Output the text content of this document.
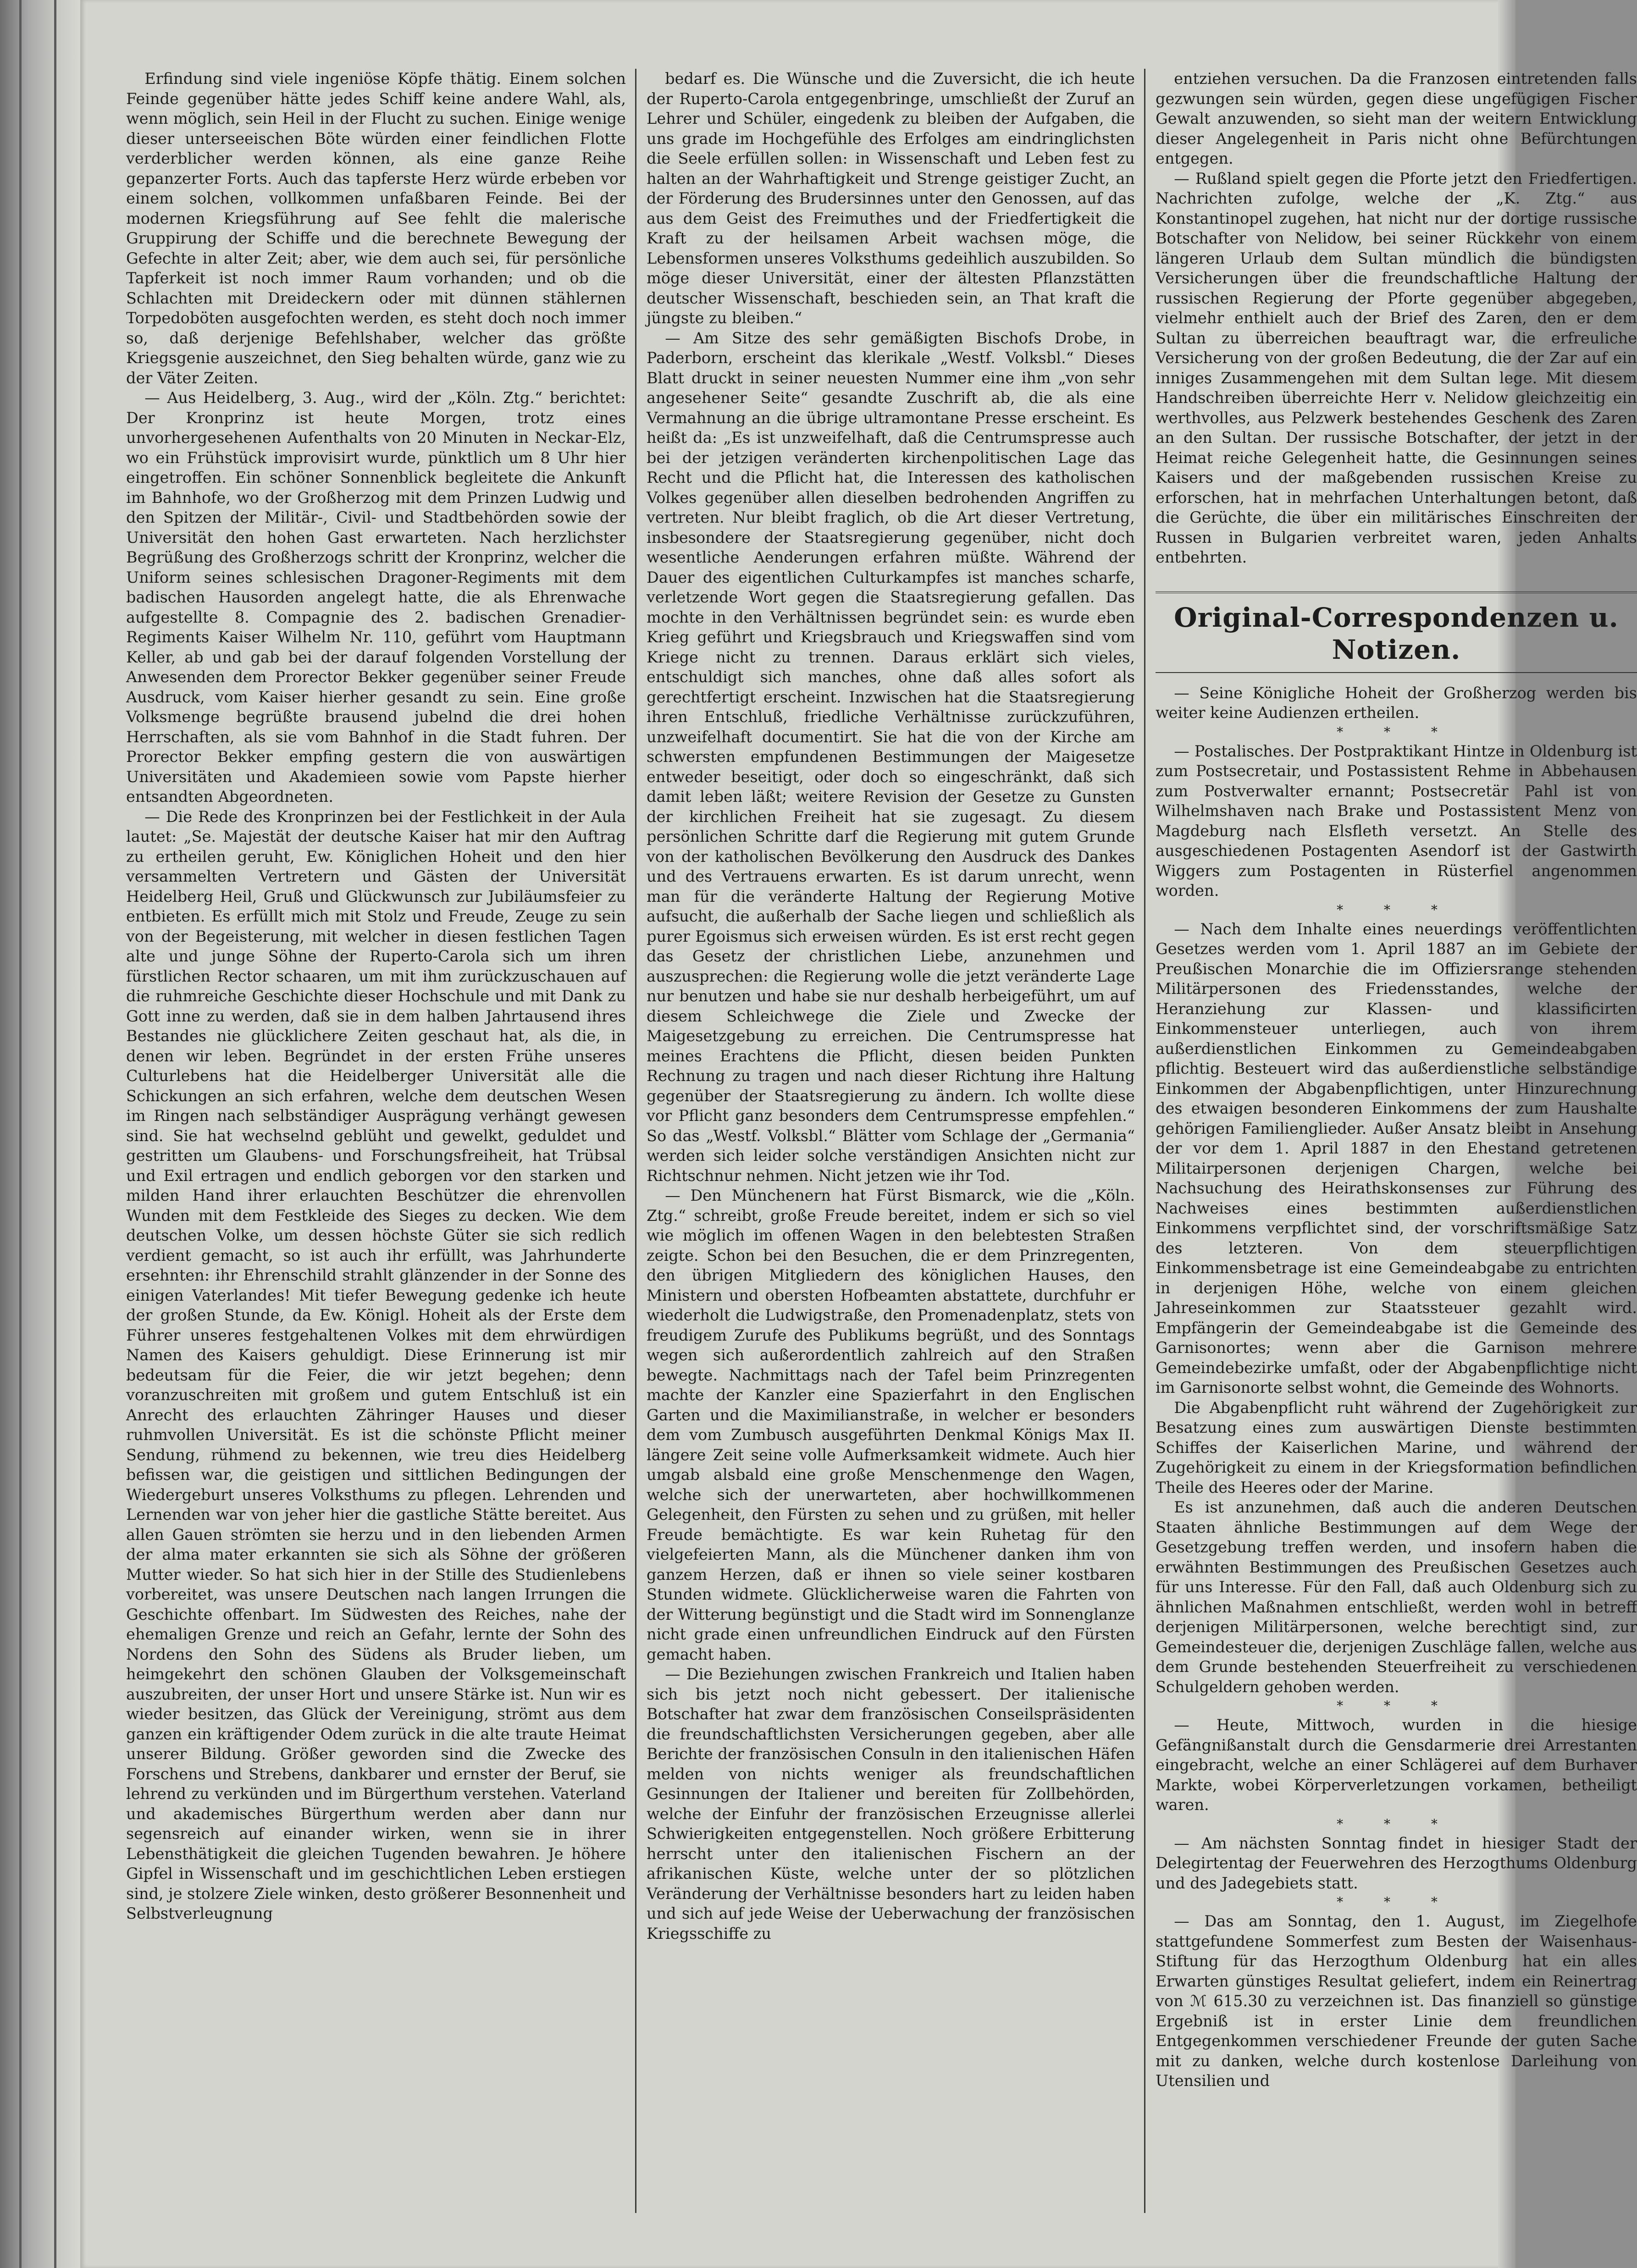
Erfindung sind viele ingeniöse Köpfe thätig. Einem solchen Feinde gegenüber hätte jedes Schiff keine andere Wahl, als, wenn möglich, sein Heil in der Flucht zu suchen. Einige wenige dieser unterseeischen Böte würden einer feindlichen Flotte verderblicher werden können, als eine ganze Reihe gepanzerter Forts. Auch das tapferste Herz würde erbeben vor einem solchen, vollkommen unfaßbaren Feinde. Bei der modernen Kriegsführung auf See fehlt die malerische Gruppirung der Schiffe und die berechnete Bewegung der Gefechte in alter Zeit; aber, wie dem auch sei, für persönliche Tapferkeit ist noch immer Raum vorhanden; und ob die Schlachten mit Dreideckern oder mit dünnen stählernen Torpedoböten ausgefochten werden, es steht doch noch immer so, daß derjenige Befehlshaber, welcher das größte Kriegsgenie auszeichnet, den Sieg behalten würde, ganz wie zu der Väter Zeiten.

— Aus Heidelberg, 3. Aug., wird der „Köln. Ztg.“ berichtet: Der Kronprinz ist heute Morgen, trotz eines unvorhergesehenen Aufenthalts von 20 Minuten in Neckar-Elz, wo ein Frühstück improvisirt wurde, pünktlich um 8 Uhr hier eingetroffen. Ein schöner Sonnenblick begleitete die Ankunft im Bahnhofe, wo der Großherzog mit dem Prinzen Ludwig und den Spitzen der Militär-, Civil- und Stadtbehörden sowie der Universität den hohen Gast erwarteten. Nach herzlichster Begrüßung des Großherzogs schritt der Kronprinz, welcher die Uniform seines schlesischen Dragoner-Regiments mit dem badischen Hausorden angelegt hatte, die als Ehrenwache aufgestellte 8. Compagnie des 2. badischen Grenadier-Regiments Kaiser Wilhelm Nr. 110, geführt vom Hauptmann Keller, ab und gab bei der darauf folgenden Vorstellung der Anwesenden dem Prorector Bekker gegenüber seiner Freude Ausdruck, vom Kaiser hierher gesandt zu sein. Eine große Volksmenge begrüßte brausend jubelnd die drei hohen Herrschaften, als sie vom Bahnhof in die Stadt fuhren. Der Prorector Bekker empfing gestern die von auswärtigen Universitäten und Akademieen sowie vom Papste hierher entsandten Abgeordneten.

— Die Rede des Kronprinzen bei der Festlichkeit in der Aula lautet: „Se. Majestät der deutsche Kaiser hat mir den Auftrag zu ertheilen geruht, Ew. Königlichen Hoheit und den hier versammelten Vertretern und Gästen der Universität Heidelberg Heil, Gruß und Glückwunsch zur Jubiläumsfeier zu entbieten. Es erfüllt mich mit Stolz und Freude, Zeuge zu sein von der Begeisterung, mit welcher in diesen festlichen Tagen alte und junge Söhne der Ruperto-Carola sich um ihren fürstlichen Rector schaaren, um mit ihm zurückzuschauen auf die ruhmreiche Geschichte dieser Hochschule und mit Dank zu Gott inne zu werden, daß sie in dem halben Jahrtausend ihres Bestandes nie glücklichere Zeiten geschaut hat, als die, in denen wir leben. Begründet in der ersten Frühe unseres Culturlebens hat die Heidelberger Universität alle die Schickungen an sich erfahren, welche dem deutschen Wesen im Ringen nach selbständiger Ausprägung verhängt gewesen sind. Sie hat wechselnd geblüht und gewelkt, geduldet und gestritten um Glaubens- und Forschungsfreiheit, hat Trübsal und Exil ertragen und endlich geborgen vor den starken und milden Hand ihrer erlauchten Beschützer die ehrenvollen Wunden mit dem Festkleide des Sieges zu decken. Wie dem deutschen Volke, um dessen höchste Güter sie sich redlich verdient gemacht, so ist auch ihr erfüllt, was Jahrhunderte ersehnten: ihr Ehrenschild strahlt glänzender in der Sonne des einigen Vaterlandes! Mit tiefer Bewegung gedenke ich heute der großen Stunde, da Ew. Königl. Hoheit als der Erste dem Führer unseres festgehaltenen Volkes mit dem ehrwürdigen Namen des Kaisers gehuldigt. Diese Erinnerung ist mir bedeutsam für die Feier, die wir jetzt begehen; denn voranzuschreiten mit großem und gutem Entschluß ist ein Anrecht des erlauchten Zähringer Hauses und dieser ruhmvollen Universität. Es ist die schönste Pflicht meiner Sendung, rühmend zu bekennen, wie treu dies Heidelberg befissen war, die geistigen und sittlichen Bedingungen der Wiedergeburt unseres Volksthums zu pflegen. Lehrenden und Lernenden war von jeher hier die gastliche Stätte bereitet. Aus allen Gauen strömten sie herzu und in den liebenden Armen der alma mater erkannten sie sich als Söhne der größeren Mutter wieder. So hat sich hier in der Stille des Studienlebens vorbereitet, was unsere Deutschen nach langen Irrungen die Geschichte offenbart. Im Südwesten des Reiches, nahe der ehemaligen Grenze und reich an Gefahr, lernte der Sohn des Nordens den Sohn des Südens als Bruder lieben, um heimgekehrt den schönen Glauben der Volksgemeinschaft auszubreiten, der unser Hort und unsere Stärke ist. Nun wir es wieder besitzen, das Glück der Vereinigung, strömt aus dem ganzen ein kräftigender Odem zurück in die alte traute Heimat unserer Bildung. Größer geworden sind die Zwecke des Forschens und Strebens, dankbarer und ernster der Beruf, sie lehrend zu verkünden und im Bürgerthum verstehen. Vaterland und akademisches Bürgerthum werden aber dann nur segensreich auf einander wirken, wenn sie in ihrer Lebensthätigkeit die gleichen Tugenden bewahren. Je höhere Gipfel in Wissenschaft und im geschichtlichen Leben erstiegen sind, je stolzere Ziele winken, desto größerer Besonnenheit und Selbstverleugnung

bedarf es. Die Wünsche und die Zuversicht, die ich heute der Ruperto-Carola entgegenbringe, umschließt der Zuruf an Lehrer und Schüler, eingedenk zu bleiben der Aufgaben, die uns grade im Hochgefühle des Erfolges am eindringlichsten die Seele erfüllen sollen: in Wissenschaft und Leben fest zu halten an der Wahrhaftigkeit und Strenge geistiger Zucht, an der Förderung des Brudersinnes unter den Genossen, auf das aus dem Geist des Freimuthes und der Friedfertigkeit die Kraft zu der heilsamen Arbeit wachsen möge, die Lebensformen unseres Volksthums gedeihlich auszubilden. So möge dieser Universität, einer der ältesten Pflanzstätten deutscher Wissenschaft, beschieden sein, an That kraft die jüngste zu bleiben.“

— Am Sitze des sehr gemäßigten Bischofs Drobe, in Paderborn, erscheint das klerikale „Westf. Volksbl.“ Dieses Blatt druckt in seiner neuesten Nummer eine ihm „von sehr angesehener Seite“ gesandte Zuschrift ab, die als eine Vermahnung an die übrige ultramontane Presse erscheint. Es heißt da: „Es ist unzweifelhaft, daß die Centrumspresse auch bei der jetzigen veränderten kirchenpolitischen Lage das Recht und die Pflicht hat, die Interessen des katholischen Volkes gegenüber allen dieselben bedrohenden Angriffen zu vertreten. Nur bleibt fraglich, ob die Art dieser Vertretung, insbesondere der Staatsregierung gegenüber, nicht doch wesentliche Aenderungen erfahren müßte. Während der Dauer des eigentlichen Culturkampfes ist manches scharfe, verletzende Wort gegen die Staatsregierung gefallen. Das mochte in den Verhältnissen begründet sein: es wurde eben Krieg geführt und Kriegsbrauch und Kriegswaffen sind vom Kriege nicht zu trennen. Daraus erklärt sich vieles, entschuldigt sich manches, ohne daß alles sofort als gerechtfertigt erscheint. Inzwischen hat die Staatsregierung ihren Entschluß, friedliche Verhältnisse zurückzuführen, unzweifelhaft documentirt. Sie hat die von der Kirche am schwersten empfundenen Bestimmungen der Maigesetze entweder beseitigt, oder doch so eingeschränkt, daß sich damit leben läßt; weitere Revision der Gesetze zu Gunsten der kirchlichen Freiheit hat sie zugesagt. Zu diesem persönlichen Schritte darf die Regierung mit gutem Grunde von der katholischen Bevölkerung den Ausdruck des Dankes und des Vertrauens erwarten. Es ist darum unrecht, wenn man für die veränderte Haltung der Regierung Motive aufsucht, die außerhalb der Sache liegen und schließlich als purer Egoismus sich erweisen würden. Es ist erst recht gegen das Gesetz der christlichen Liebe, anzunehmen und auszusprechen: die Regierung wolle die jetzt veränderte Lage nur benutzen und habe sie nur deshalb herbeigeführt, um auf diesem Schleichwege die Ziele und Zwecke der Maigesetzgebung zu erreichen. Die Centrumspresse hat meines Erachtens die Pflicht, diesen beiden Punkten Rechnung zu tragen und nach dieser Richtung ihre Haltung gegenüber der Staatsregierung zu ändern. Ich wollte diese vor Pflicht ganz besonders dem Centrumspresse empfehlen.“ So das „Westf. Volksbl.“ Blätter vom Schlage der „Germania“ werden sich leider solche verständigen Ansichten nicht zur Richtschnur nehmen. Nicht jetzen wie ihr Tod.

— Den Münchenern hat Fürst Bismarck, wie die „Köln. Ztg.“ schreibt, große Freude bereitet, indem er sich so viel wie möglich im offenen Wagen in den belebtesten Straßen zeigte. Schon bei den Besuchen, die er dem Prinzregenten, den übrigen Mitgliedern des königlichen Hauses, den Ministern und obersten Hofbeamten abstattete, durchfuhr er wiederholt die Ludwigstraße, den Promenadenplatz, stets von freudigem Zurufe des Publikums begrüßt, und des Sonntags wegen sich außerordentlich zahlreich auf den Straßen bewegte. Nachmittags nach der Tafel beim Prinzregenten machte der Kanzler eine Spazierfahrt in den Englischen Garten und die Maximilianstraße, in welcher er besonders dem vom Zumbusch ausgeführten Denkmal Königs Max II. längere Zeit seine volle Aufmerksamkeit widmete. Auch hier umgab alsbald eine große Menschenmenge den Wagen, welche sich der unerwarteten, aber hochwillkommenen Gelegenheit, den Fürsten zu sehen und zu grüßen, mit heller Freude bemächtigte. Es war kein Ruhetag für den vielgefeierten Mann, als die Münchener danken ihm von ganzem Herzen, daß er ihnen so viele seiner kostbaren Stunden widmete. Glücklicherweise waren die Fahrten von der Witterung begünstigt und die Stadt wird im Sonnenglanze nicht grade einen unfreundlichen Eindruck auf den Fürsten gemacht haben.

— Die Beziehungen zwischen Frankreich und Italien haben sich bis jetzt noch nicht gebessert. Der italienische Botschafter hat zwar dem französischen Conseilspräsidenten die freundschaftlichsten Versicherungen gegeben, aber alle Berichte der französischen Consuln in den italienischen Häfen melden von nichts weniger als freundschaftlichen Gesinnungen der Italiener und bereiten für Zollbehörden, welche der Einfuhr der französischen Erzeugnisse allerlei Schwierigkeiten entgegenstellen. Noch größere Erbitterung herrscht unter den italienischen Fischern an der afrikanischen Küste, welche unter der so plötzlichen Veränderung der Verhältnisse besonders hart zu leiden haben und sich auf jede Weise der Ueberwachung der französischen Kriegsschiffe zu

entziehen versuchen. Da die Franzosen eintretenden falls gezwungen sein würden, gegen diese ungefügigen Fischer Gewalt anzuwenden, so sieht man der weitern Entwicklung dieser Angelegenheit in Paris nicht ohne Befürchtungen entgegen.

— Rußland spielt gegen die Pforte jetzt den Friedfertigen. Nachrichten zufolge, welche der „K. Ztg.“ aus Konstantinopel zugehen, hat nicht nur der dortige russische Botschafter von Nelidow, bei seiner Rückkehr von einem längeren Urlaub dem Sultan mündlich die bündigsten Versicherungen über die freundschaftliche Haltung der russischen Regierung der Pforte gegenüber abgegeben, vielmehr enthielt auch der Brief des Zaren, den er dem Sultan zu überreichen beauftragt war, die erfreuliche Versicherung von der großen Bedeutung, die der Zar auf ein inniges Zusammengehen mit dem Sultan lege. Mit diesem Handschreiben überreichte Herr v. Nelidow gleichzeitig ein werthvolles, aus Pelzwerk bestehendes Geschenk des Zaren an den Sultan. Der russische Botschafter, der jetzt in der Heimat reiche Gelegenheit hatte, die Gesinnungen seines Kaisers und der maßgebenden russischen Kreise zu erforschen, hat in mehrfachen Unterhaltungen betont, daß die Gerüchte, die über ein militärisches Einschreiten der Russen in Bulgarien verbreitet waren, jeden Anhalts entbehrten.

Original-Correspondenzen u. Notizen.

— Seine Königliche Hoheit der Großherzog werden bis weiter keine Audienzen ertheilen.

* * *

— Postalisches. Der Postpraktikant Hintze in Oldenburg ist zum Postsecretair, und Postassistent Rehme in Abbehausen zum Postverwalter ernannt; Postsecretär Pahl ist von Wilhelmshaven nach Brake und Postassistent Menz von Magdeburg nach Elsfleth versetzt. An Stelle des ausgeschiedenen Postagenten Asendorf ist der Gastwirth Wiggers zum Postagenten in Rüsterfiel angenommen worden.

* * *

— Nach dem Inhalte eines neuerdings veröffentlichten Gesetzes werden vom 1. April 1887 an im Gebiete der Preußischen Monarchie die im Offiziersrange stehenden Militärpersonen des Friedensstandes, welche der Heranziehung zur Klassen- und klassificirten Einkommensteuer unterliegen, auch von ihrem außerdienstlichen Einkommen zu Gemeindeabgaben pflichtig. Besteuert wird das außerdienstliche selbständige Einkommen der Abgabenpflichtigen, unter Hinzurechnung des etwaigen besonderen Einkommens der zum Haushalte gehörigen Familienglieder. Außer Ansatz bleibt in Ansehung der vor dem 1. April 1887 in den Ehestand getretenen Militairpersonen derjenigen Chargen, welche bei Nachsuchung des Heirathskonsenses zur Führung des Nachweises eines bestimmten außerdienstlichen Einkommens verpflichtet sind, der vorschriftsmäßige Satz des letzteren. Von dem steuerpflichtigen Einkommensbetrage ist eine Gemeindeabgabe zu entrichten in derjenigen Höhe, welche von einem gleichen Jahreseinkommen zur Staatssteuer gezahlt wird. Empfängerin der Gemeindeabgabe ist die Gemeinde des Garnisonortes; wenn aber die Garnison mehrere Gemeindebezirke umfaßt, oder der Abgabenpflichtige nicht im Garnisonorte selbst wohnt, die Gemeinde des Wohnorts.

Die Abgabenpflicht ruht während der Zugehörigkeit zur Besatzung eines zum auswärtigen Dienste bestimmten Schiffes der Kaiserlichen Marine, und während der Zugehörigkeit zu einem in der Kriegsformation befindlichen Theile des Heeres oder der Marine.

Es ist anzunehmen, daß auch die anderen Deutschen Staaten ähnliche Bestimmungen auf dem Wege der Gesetzgebung treffen werden, und insofern haben die erwähnten Bestimmungen des Preußischen Gesetzes auch für uns Interesse. Für den Fall, daß auch Oldenburg sich zu ähnlichen Maßnahmen entschließt, werden wohl in betreff derjenigen Militärpersonen, welche berechtigt sind, zur Gemeindesteuer die, derjenigen Zuschläge fallen, welche aus dem Grunde bestehenden Steuerfreiheit zu verschiedenen Schulgeldern gehoben werden.

* * *

— Heute, Mittwoch, wurden in die hiesige Gefängnißanstalt durch die Gensdarmerie drei Arrestanten eingebracht, welche an einer Schlägerei auf dem Burhaver Markte, wobei Körperverletzungen vorkamen, betheiligt waren.

* * *

— Am nächsten Sonntag findet in hiesiger Stadt der Delegirtentag der Feuerwehren des Herzogthums Oldenburg und des Jadegebiets statt.

* * *

— Das am Sonntag, den 1. August, im Ziegelhofe stattgefundene Sommerfest zum Besten der Waisenhaus-Stiftung für das Herzogthum Oldenburg hat ein alles Erwarten günstiges Resultat geliefert, indem ein Reinertrag von ℳ 615.30 zu verzeichnen ist. Das finanziell so günstige Ergebniß ist in erster Linie dem freundlichen Entgegenkommen verschiedener Freunde der guten Sache mit zu danken, welche durch kostenlose Darleihung von Utensilien und
